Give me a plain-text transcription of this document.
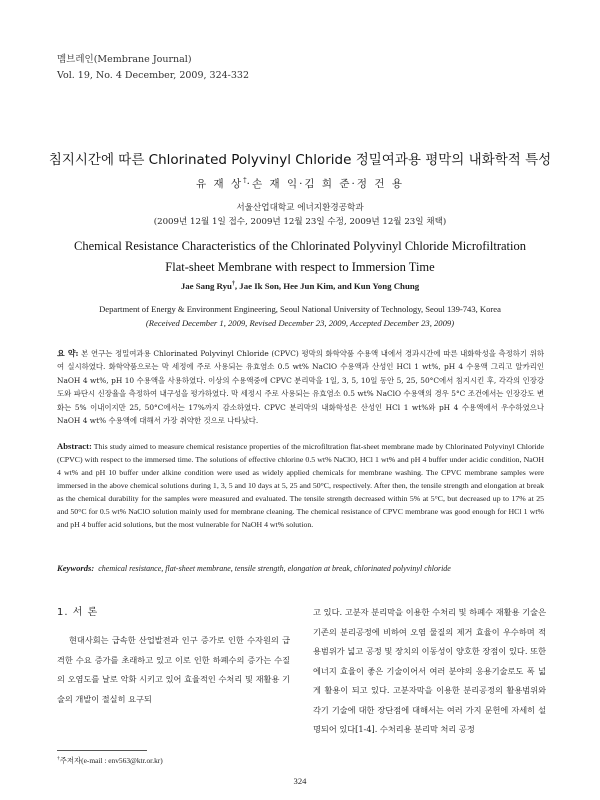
멤브레인(Membrane Journal)
Vol. 19, No. 4 December, 2009, 324-332
침지시간에 따른 Chlorinated Polyvinyl Chloride 정밀여과용 평막의 내화학적 특성
유 재 상†·손 재 익·김 희 준·정 건 용
서울산업대학교 에너지환경공학과
(2009년 12월 1일 접수, 2009년 12월 23일 수정, 2009년 12월 23일 채택)
Chemical Resistance Characteristics of the Chlorinated Polyvinyl Chloride Microfiltration
Flat-sheet Membrane with respect to Immersion Time
Jae Sang Ryu†, Jae Ik Son, Hee Jun Kim, and Kun Yong Chung
Department of Energy & Environment Engineering, Seoul National University of Technology, Seoul 139-743, Korea
(Received December 1, 2009, Revised December 23, 2009, Accepted December 23, 2009)
요 약: 본 연구는 정밀여과용 Chlorinated Polyvinyl Chloride (CPVC) 평막의 화학약품 수용액 내에서 경과시간에 따른 내화학성을 측정하기 위하여 실시하였다. 화학약품으로는 막 세정에 주로 사용되는 유효염소 0.5 wt% NaClO 수용액과 산성인 HCl 1 wt%, pH 4 수용액 그리고 알카리인 NaOH 4 wt%, pH 10 수용액을 사용하였다. 이상의 수용액중에 CPVC 분리막을 1일, 3, 5, 10일 동안 5, 25, 50°C에서 침지시킨 후, 각각의 인장강도와 파단시 신장율을 측정하여 내구성을 평가하였다. 막 세정시 주로 사용되는 유효염소 0.5 wt% NaClO 수용액의 경우 5°C 조건에서는 인장강도 변화는 5% 이내이지만 25, 50°C에서는 17%까지 감소하였다. CPVC 분리막의 내화학성은 산성인 HCl 1 wt%와 pH 4 수용액에서 우수하였으나 NaOH 4 wt% 수용액에 대해서 가장 취약한 것으로 나타났다.
Abstract: This study aimed to measure chemical resistance properties of the microfiltration flat-sheet membrane made by Chlorinated Polyvinyl Chloride (CPVC) with respect to the immersed time. The solutions of effective chlorine 0.5 wt% NaClO, HCl 1 wt% and pH 4 buffer under acidic condition, NaOH 4 wt% and pH 10 buffer under alkine condition were used as widely applied chemicals for membrane washing. The CPVC membrane samples were immersed in the above chemical solutions during 1, 3, 5 and 10 days at 5, 25 and 50°C, respectively. After then, the tensile strength and elongation at break as the chemical durability for the samples were measured and evaluated. The tensile strength decreased within 5% at 5°C, but decreased up to 17% at 25 and 50°C for 0.5 wt% NaClO solution mainly used for membrane cleaning. The chemical resistance of CPVC membrane was good enough for HCl 1 wt% and pH 4 buffer acid solutions, but the most vulnerable for NaOH 4 wt% solution.
Keywords: chemical resistance, flat-sheet membrane, tensile strength, elongation at break, chlorinated polyvinyl chloride
1. 서 론
현대사회는 급속한 산업발전과 인구 증가로 인한 수자원의 급격한 수요 증가를 초래하고 있고 이로 인한 하폐수의 증가는 수질의 오염도를 날로 악화 시키고 있어 효율적인 수처리 및 재활용 기술의 개발이 절실히 요구되
고 있다. 고분자 분리막을 이용한 수처리 및 하폐수 재활용 기술은 기존의 분리공정에 비하여 오염 물질의 제거 효율이 우수하며 적용범위가 넓고 공정 및 장치의 이동성이 양호한 장점이 있다. 또한 에너지 효율이 좋은 기술이어서 여러 분야의 응용기술로도 폭 넓게 활용이 되고 있다. 고분자막을 이용한 분리공정의 활용범위와 각기 기술에 대한 장단점에 대해서는 여러 가지 문헌에 자세히 설명되어 있다[1-4]. 수처리용 분리막 처리 공정
†주저자(e-mail : env563@ktr.or.kr)
324
